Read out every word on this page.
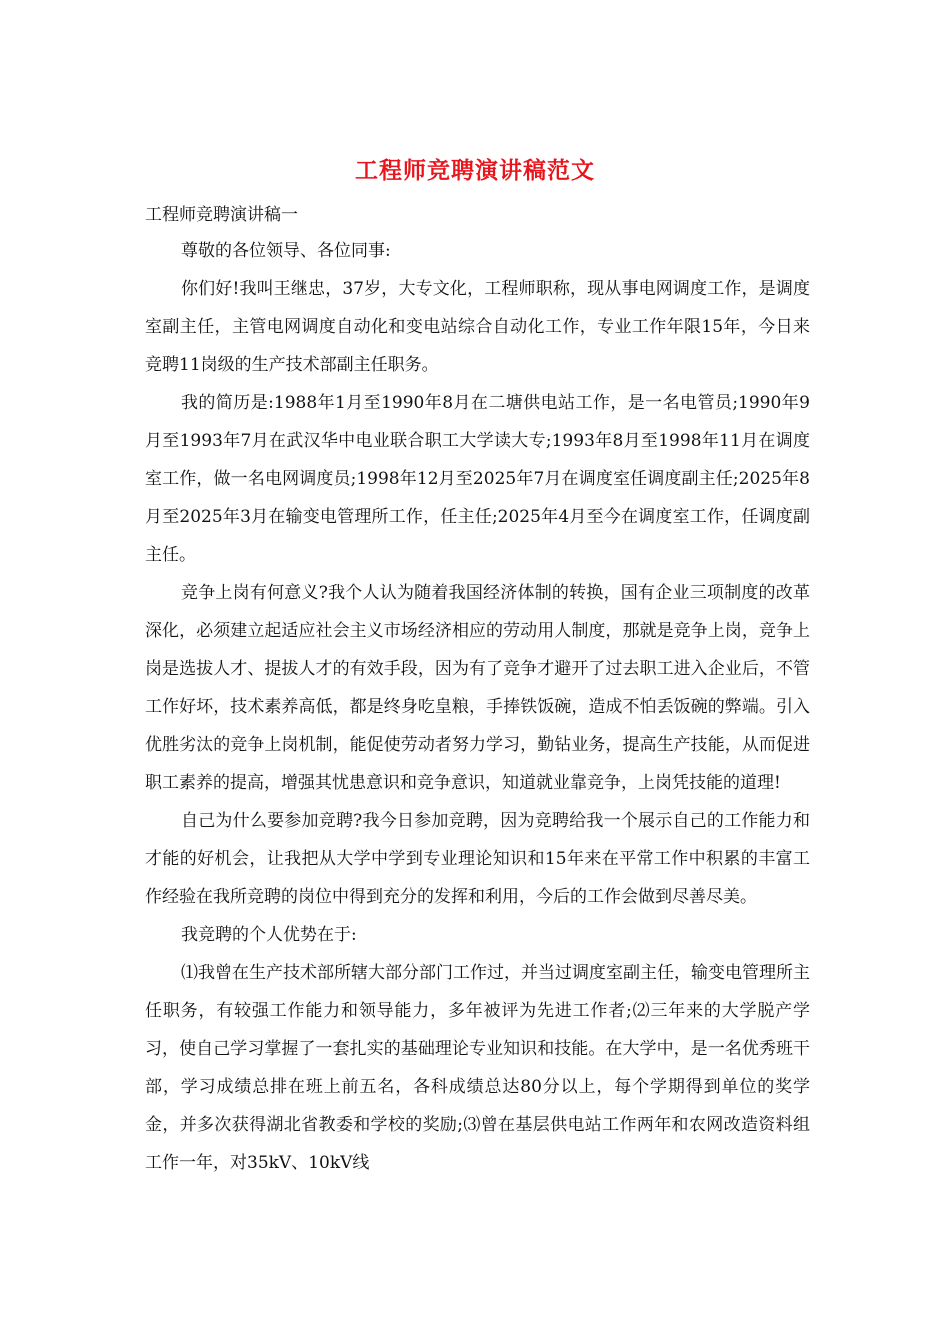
工程师竞聘演讲稿范文
工程师竞聘演讲稿一

尊敬的各位领导、各位同事:

你们好!我叫王继忠，37岁，大专文化，工程师职称，现从事电网调度工作，是调度室副主任，主管电网调度自动化和变电站综合自动化工作，专业工作年限15年，今日来竞聘11岗级的生产技术部副主任职务。

我的简历是:1988年1月至1990年8月在二塘供电站工作，是一名电管员;1990年9月至1993年7月在武汉华中电业联合职工大学读大专;1993年8月至1998年11月在调度室工作，做一名电网调度员;1998年12月至2025年7月在调度室任调度副主任;2025年8月至2025年3月在输变电管理所工作，任主任;2025年4月至今在调度室工作，任调度副主任。

竞争上岗有何意义?我个人认为随着我国经济体制的转换，国有企业三项制度的改革深化，必须建立起适应社会主义市场经济相应的劳动用人制度，那就是竞争上岗，竞争上岗是选拔人才、提拔人才的有效手段，因为有了竞争才避开了过去职工进入企业后，不管工作好坏，技术素养高低，都是终身吃皇粮，手捧铁饭碗，造成不怕丢饭碗的弊端。引入优胜劣汰的竞争上岗机制，能促使劳动者努力学习，勤钻业务，提高生产技能，从而促进职工素养的提高，增强其忧患意识和竞争意识，知道就业靠竞争，上岗凭技能的道理!

自己为什么要参加竞聘?我今日参加竞聘，因为竞聘给我一个展示自己的工作能力和才能的好机会，让我把从大学中学到专业理论知识和15年来在平常工作中积累的丰富工作经验在我所竞聘的岗位中得到充分的发挥和利用，今后的工作会做到尽善尽美。

我竞聘的个人优势在于:

⑴我曾在生产技术部所辖大部分部门工作过，并当过调度室副主任，输变电管理所主任职务，有较强工作能力和领导能力，多年被评为先进工作者;⑵三年来的大学脱产学习，使自己学习掌握了一套扎实的基础理论专业知识和技能。在大学中，是一名优秀班干部，学习成绩总排在班上前五名，各科成绩总达80分以上，每个学期得到单位的奖学金，并多次获得湖北省教委和学校的奖励;⑶曾在基层供电站工作两年和农网改造资料组工作一年，对35kV、10kV线
